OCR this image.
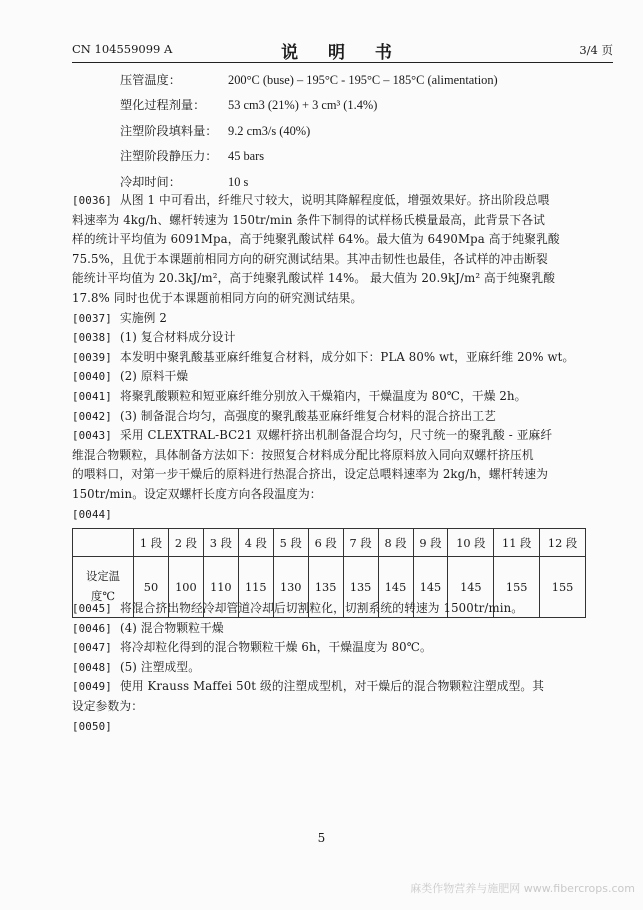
CN 104559099 A	说 明 书	3/4 页
压管温度：	200°C (buse) – 195°C - 195°C – 185°C (alimentation)
塑化过程剂量： 53 cm3 (21%) + 3 cm³ (1.4%)
注塑阶段填料量： 9.2 cm3/s (40%)
注塑阶段静压力： 45 bars
冷却时间：	10 s
[0036] 从图 1 中可看出，纤维尺寸较大，说明其降解程度低，增强效果好。挤出阶段总喂
料速率为 4kg/h、螺杆转速为 150tr/min 条件下制得的试样杨氏模量最高，此背景下各试
样的统计平均值为 6091Mpa，高于纯聚乳酸试样 64%。最大值为 6490Mpa 高于纯聚乳酸
75.5%，且优于本课题前相同方向的研究测试结果。其冲击韧性也最佳，各试样的冲击断裂
能统计平均值为 20.3kJ/m²，高于纯聚乳酸试样 14%。 最大值为 20.9kJ/m² 高于纯聚乳酸
17.8% 同时也优于本课题前相同方向的研究测试结果。
[0037] 实施例 2
[0038] (1) 复合材料成分设计
[0039] 本发明中聚乳酸基亚麻纤维复合材料，成分如下：PLA 80% wt，亚麻纤维 20% wt。
[0040] (2) 原料干燥
[0041] 将聚乳酸颗粒和短亚麻纤维分别放入干燥箱内，干燥温度为 80℃，干燥 2h。
[0042] (3) 制备混合均匀，高强度的聚乳酸基亚麻纤维复合材料的混合挤出工艺
[0043] 采用 CLEXTRAL-BC21 双螺杆挤出机制备混合均匀，尺寸统一的聚乳酸 - 亚麻纤
维混合物颗粒，具体制备方法如下：按照复合材料成分配比将原料放入同向双螺杆挤压机
的喂料口，对第一步干燥后的原料进行热混合挤出，设定总喂料速率为 2kg/h，螺杆转速为
150tr/min。设定双螺杆长度方向各段温度为：
[0044]
	1 段	2 段	3 段	4 段	5 段	6 段	7 段	8 段	9 段	10 段	11 段	12 段
设定温
度℃	50	100	110	115	130	135	135	145	145	145	155	155
[0045] 将混合挤出物经冷却管道冷却后切割粒化，切割系统的转速为 1500tr/min。
[0046] (4) 混合物颗粒干燥
[0047] 将冷却粒化得到的混合物颗粒干燥 6h，干燥温度为 80℃。
[0048] (5) 注塑成型。
[0049] 使用 Krauss Maffei 50t 级的注塑成型机，对干燥后的混合物颗粒注塑成型。其
设定参数为：
[0050]
5
麻类作物营养与施肥网 www.fibercrops.com
